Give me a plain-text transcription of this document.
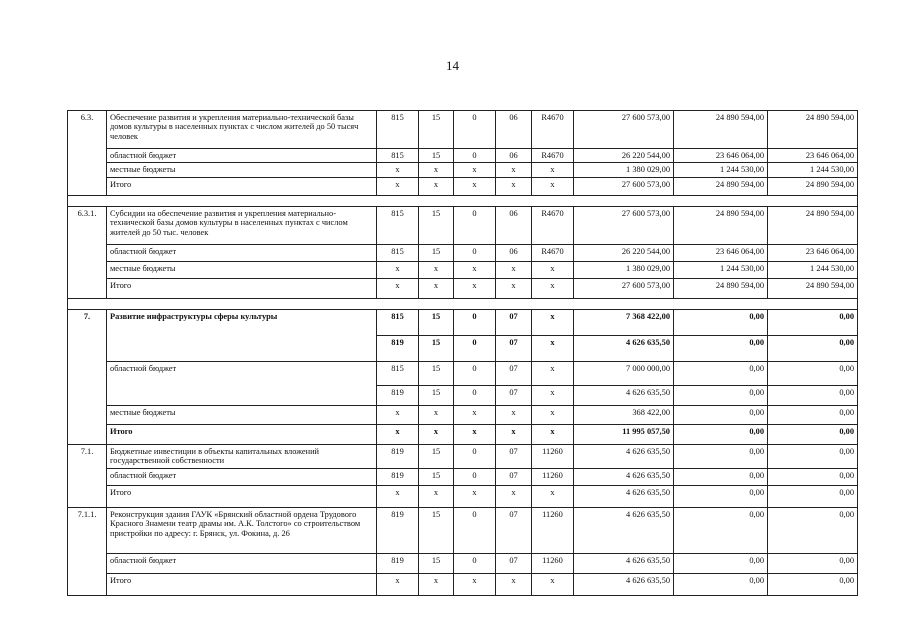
14
6.3.	Обеспечение развития и укрепления материально-технической базы домов культуры в населенных пунктах с числом жителей до 50 тысяч человек	815	15	0	06	R4670	27 600 573,00	24 890 594,00	24 890 594,00
	областной бюджет	815	15	0	06	R4670	26 220 544,00	23 646 064,00	23 646 064,00
	местные бюджеты	x	x	x	x	x	1 380 029,00	1 244 530,00	1 244 530,00
	Итого	x	x	x	x	x	27 600 573,00	24 890 594,00	24 890 594,00

6.3.1.	Субсидии на обеспечение развития и укрепления материально-технической базы домов культуры в населенных пунктах с числом жителей до 50 тыс. человек	815	15	0	06	R4670	27 600 573,00	24 890 594,00	24 890 594,00
	областной бюджет	815	15	0	06	R4670	26 220 544,00	23 646 064,00	23 646 064,00
	местные бюджеты	x	x	x	x	x	1 380 029,00	1 244 530,00	1 244 530,00
	Итого	x	x	x	x	x	27 600 573,00	24 890 594,00	24 890 594,00

7.	Развитие инфраструктуры сферы культуры	815	15	0	07	x	7 368 422,00	0,00	0,00
		819	15	0	07	x	4 626 635,50	0,00	0,00
	областной бюджет	815	15	0	07	x	7 000 000,00	0,00	0,00
		819	15	0	07	x	4 626 635,50	0,00	0,00
	местные бюджеты	x	x	x	x	x	368 422,00	0,00	0,00
	Итого	x	x	x	x	x	11 995 057,50	0,00	0,00
7.1.	Бюджетные инвестиции в объекты капитальных вложений государственной собственности	819	15	0	07	11260	4 626 635,50	0,00	0,00
	областной бюджет	819	15	0	07	11260	4 626 635,50	0,00	0,00
	Итого	x	x	x	x	x	4 626 635,50	0,00	0,00
7.1.1.	Реконструкция здания ГАУК «Брянский областной ордена Трудового Красного Знамени театр драмы им. А.К. Толстого» со строительством пристройки по адресу: г. Брянск, ул. Фокина, д. 26	819	15	0	07	11260	4 626 635,50	0,00	0,00
	областной бюджет	819	15	0	07	11260	4 626 635,50	0,00	0,00
	Итого	x	x	x	x	x	4 626 635,50	0,00	0,00
